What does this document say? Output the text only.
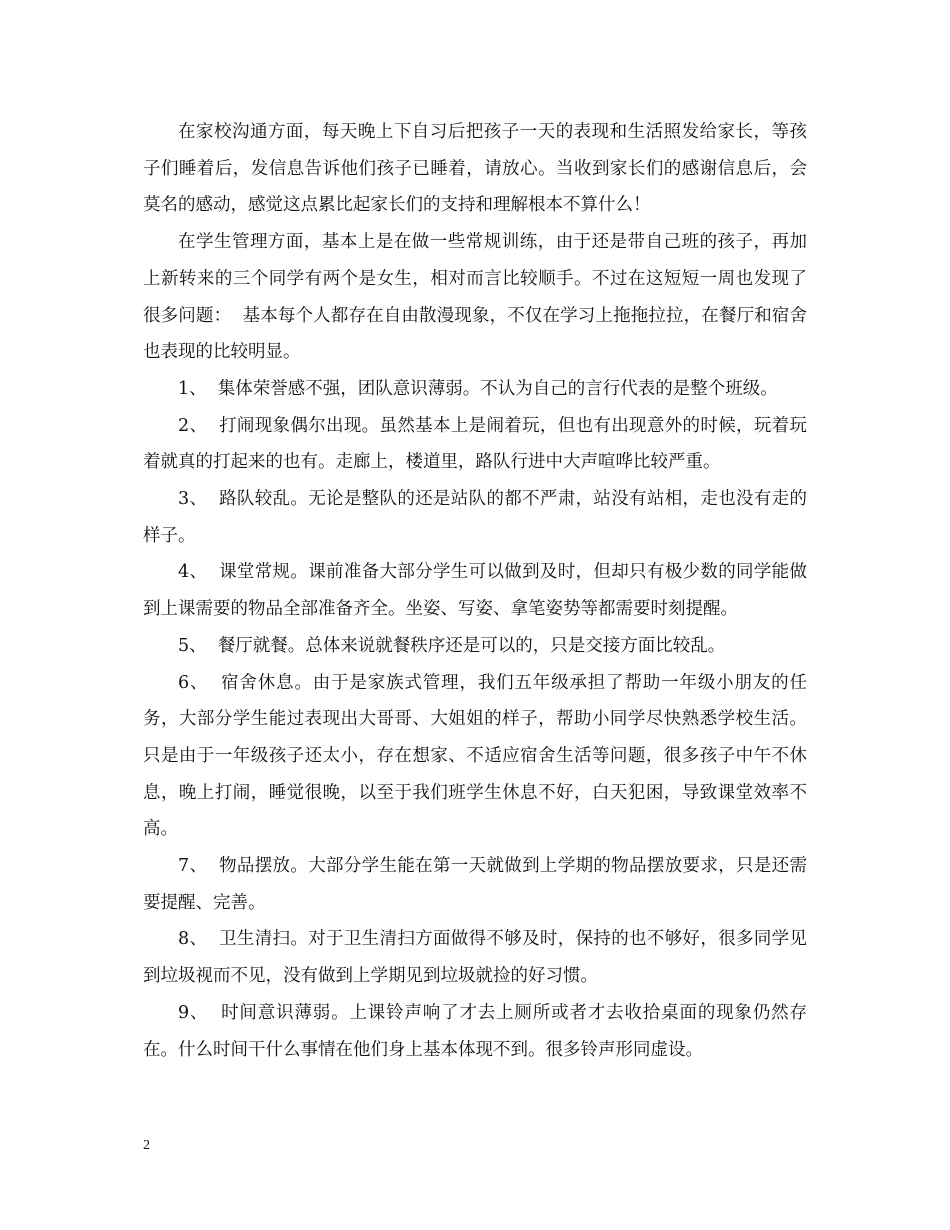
在家校沟通方面，每天晚上下自习后把孩子一天的表现和生活照发给家长，等孩子们睡着后，发信息告诉他们孩子已睡着，请放心。当收到家长们的感谢信息后，会莫名的感动，感觉这点累比起家长们的支持和理解根本不算什么！

在学生管理方面，基本上是在做一些常规训练，由于还是带自己班的孩子，再加上新转来的三个同学有两个是女生，相对而言比较顺手。不过在这短短一周也发现了很多问题：  基本每个人都存在自由散漫现象，不仅在学习上拖拖拉拉，在餐厅和宿舍也表现的比较明显。

1、  集体荣誉感不强，团队意识薄弱。不认为自己的言行代表的是整个班级。

2、  打闹现象偶尔出现。虽然基本上是闹着玩，但也有出现意外的时候，玩着玩着就真的打起来的也有。走廊上，楼道里，路队行进中大声喧哗比较严重。

3、  路队较乱。无论是整队的还是站队的都不严肃，站没有站相，走也没有走的样子。

4、  课堂常规。课前准备大部分学生可以做到及时，但却只有极少数的同学能做到上课需要的物品全部准备齐全。坐姿、写姿、拿笔姿势等都需要时刻提醒。

5、  餐厅就餐。总体来说就餐秩序还是可以的，只是交接方面比较乱。

6、  宿舍休息。由于是家族式管理，我们五年级承担了帮助一年级小朋友的任务，大部分学生能过表现出大哥哥、大姐姐的样子，帮助小同学尽快熟悉学校生活。只是由于一年级孩子还太小，存在想家、不适应宿舍生活等问题，很多孩子中午不休息，晚上打闹，睡觉很晚，以至于我们班学生休息不好，白天犯困，导致课堂效率不高。

7、  物品摆放。大部分学生能在第一天就做到上学期的物品摆放要求，只是还需要提醒、完善。

8、  卫生清扫。对于卫生清扫方面做得不够及时，保持的也不够好，很多同学见到垃圾视而不见，没有做到上学期见到垃圾就捡的好习惯。

9、  时间意识薄弱。上课铃声响了才去上厕所或者才去收拾桌面的现象仍然存在。什么时间干什么事情在他们身上基本体现不到。很多铃声形同虚设。

2
